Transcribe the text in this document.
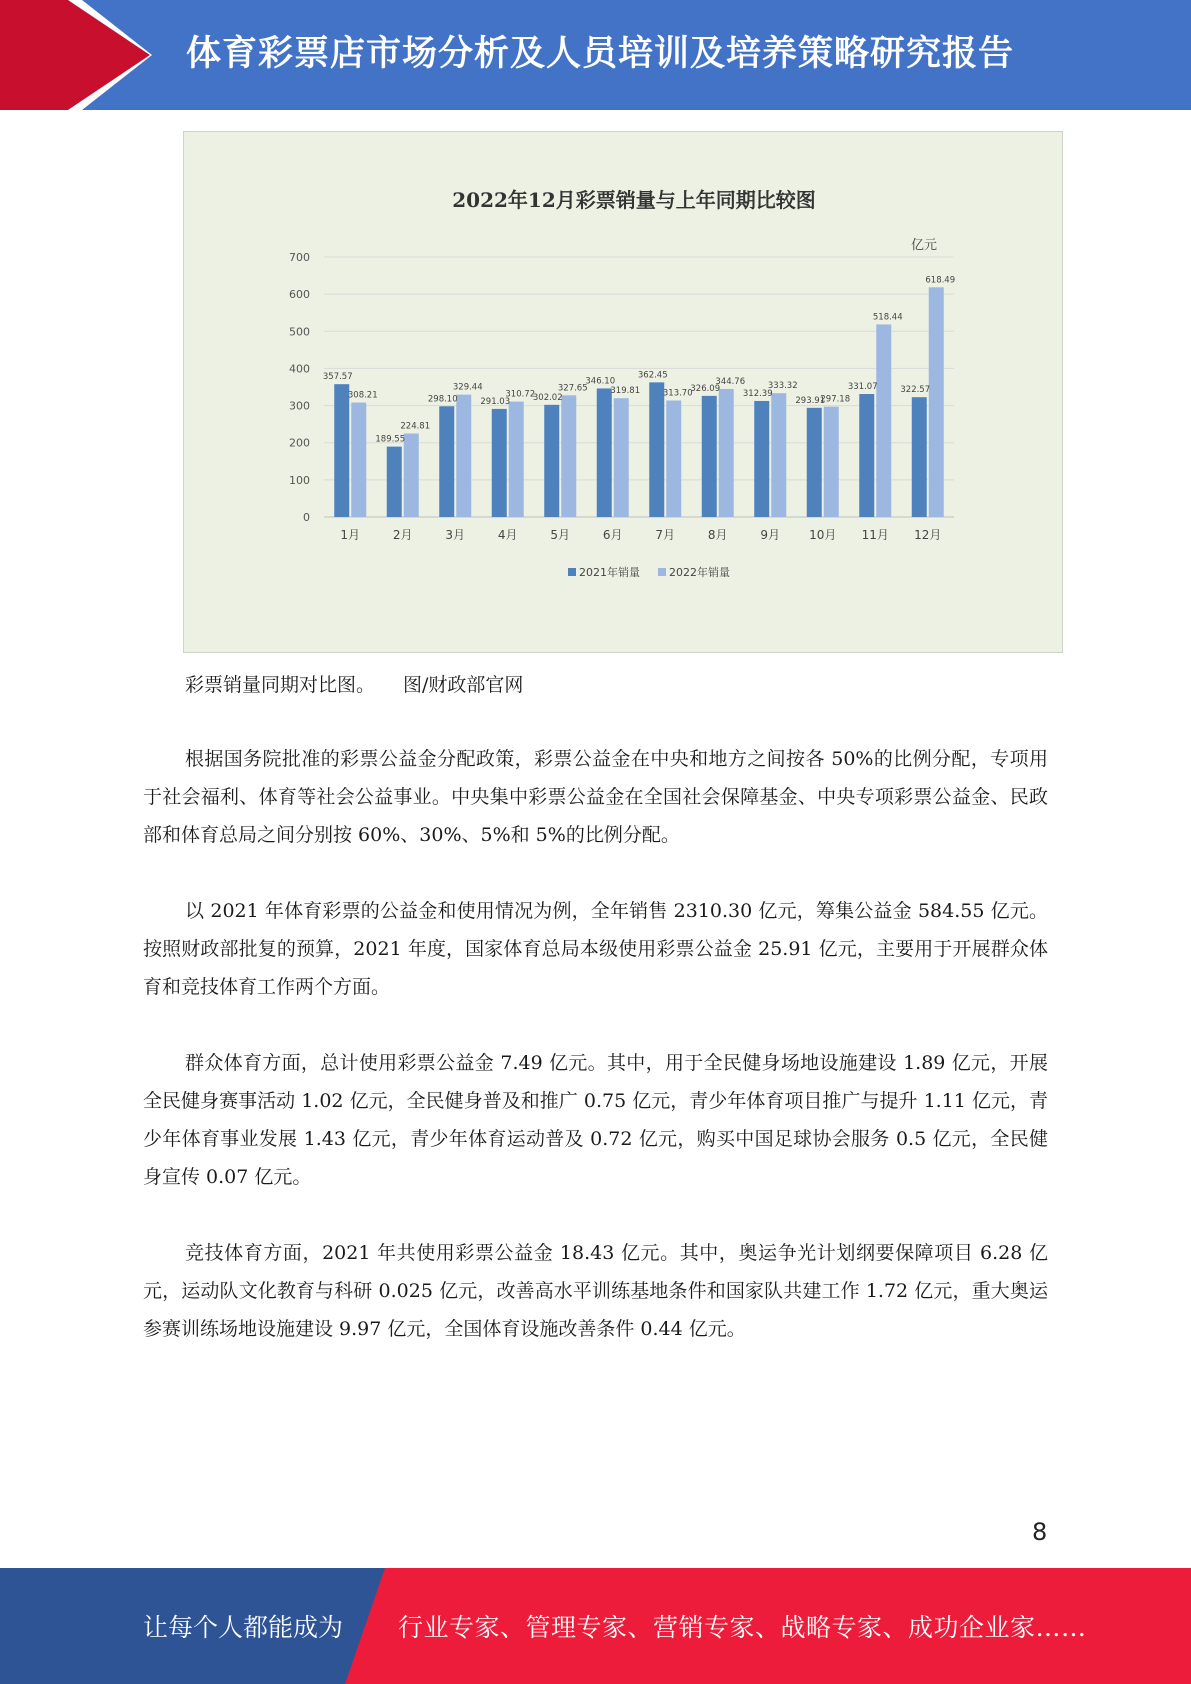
体育彩票店市场分析及人员培训及培养策略研究报告
2022年12月彩票销量与上年同期比较图
亿元
357.57
308.21
189.55
224.81
298.10
329.44
291.03
310.72
302.02
327.65
346.10
319.81
362.45
313.70
326.09
344.76
312.39
333.32
293.91
297.18
331.07
518.44
322.57
618.49
0
100
200
300
400
500
600
700
1月	2月	3月	4月	5月	6月	7月	8月	9月 10月 11月 12月
2021年销量	2022年销量
彩票销量同期对比图。 图/财政部官网

根据国务院批准的彩票公益金分配政策，彩票公益金在中央和地方之间按各 50%的比例分配，专项用于社会福利、体育等社会公益事业。中央集中彩票公益金在全国社会保障基金、中央专项彩票公益金、民政部和体育总局之间分别按 60%、30%、5%和 5%的比例分配。

以 2021 年体育彩票的公益金和使用情况为例，全年销售 2310.30 亿元，筹集公益金 584.55 亿元。按照财政部批复的预算，2021 年度，国家体育总局本级使用彩票公益金 25.91 亿元，主要用于开展群众体育和竞技体育工作两个方面。

群众体育方面，总计使用彩票公益金 7.49 亿元。其中，用于全民健身场地设施建设 1.89 亿元，开展全民健身赛事活动 1.02 亿元，全民健身普及和推广 0.75 亿元，青少年体育项目推广与提升 1.11 亿元，青少年体育事业发展 1.43 亿元，青少年体育运动普及 0.72 亿元，购买中国足球协会服务 0.5 亿元，全民健身宣传 0.07 亿元。

竞技体育方面，2021 年共使用彩票公益金 18.43 亿元。其中，奥运争光计划纲要保障项目 6.28 亿元，运动队文化教育与科研 0.025 亿元，改善高水平训练基地条件和国家队共建工作 1.72 亿元，重大奥运参赛训练场地设施建设 9.97 亿元，全国体育设施改善条件 0.44 亿元。

8
让每个人都能成为 行业专家、管理专家、营销专家、战略专家、成功企业家……
